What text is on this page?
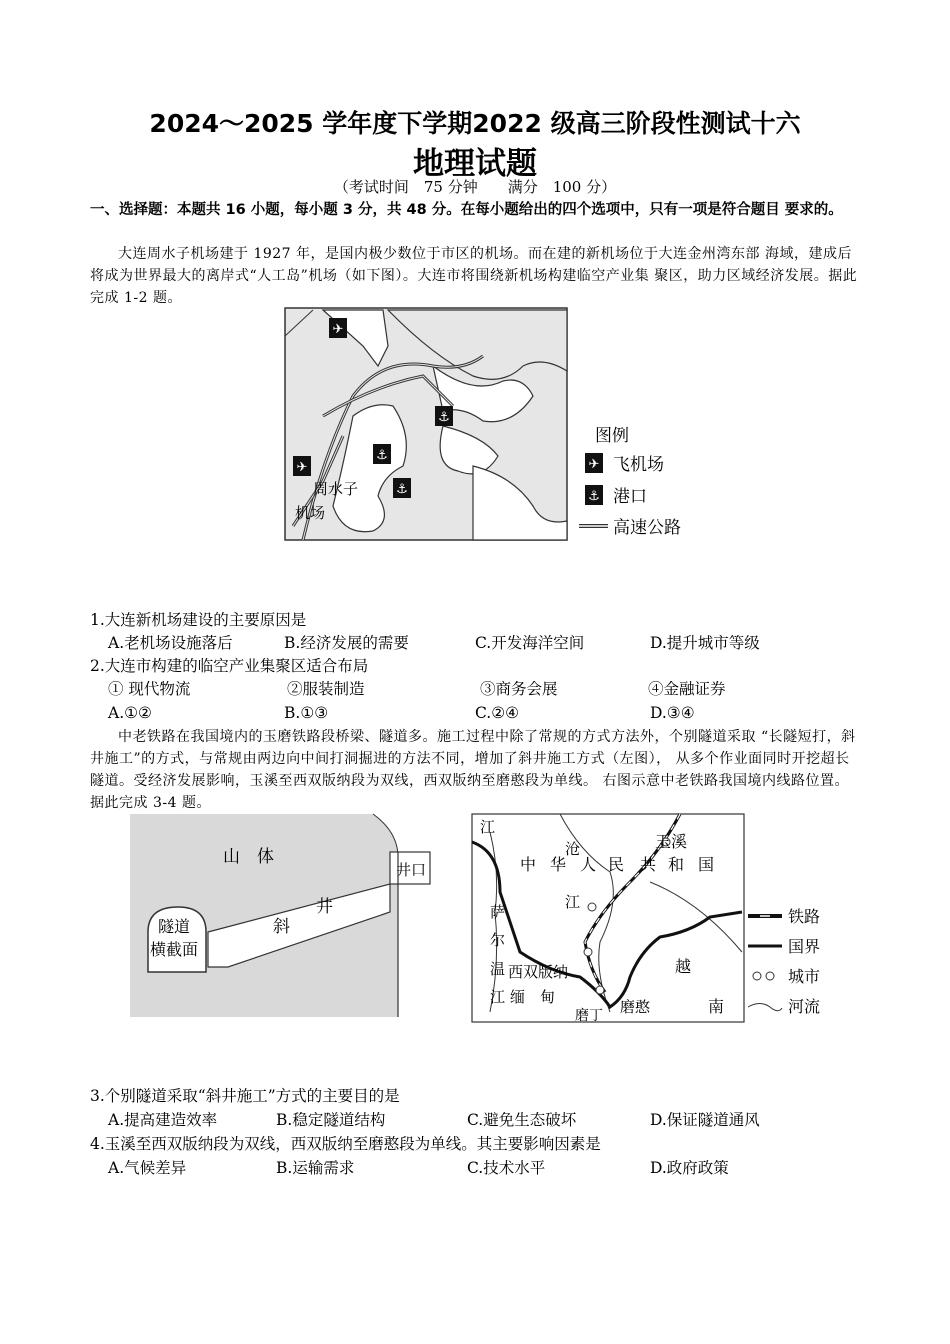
2024～2025 学年度下学期2022 级高三阶段性测试十六
地理试题
（考试时间　75 分钟　　满分　100 分）
一、选择题：本题共 16 小题，每小题 3 分，共 48 分。在每小题给出的四个选项中，只有一项是符合题目 要求的。
大连周水子机场建于 1927 年，是国内极少数位于市区的机场。而在建的新机场位于大连金州湾东部 海域，建成后将成为世界最大的离岸式“人工岛”机场（如下图）。大连市将围绕新机场构建临空产业集 聚区，助力区域经济发展。据此完成 1-2 题。
✈
✈
⚓
⚓
⚓
周水子
机场
图例
✈ 飞机场
⚓ 港口
高速公路
1.大连新机场建设的主要原因是
A.老机场设施落后	B.经济发展的需要	C.开发海洋空间	D.提升城市等级
2.大连市构建的临空产业集聚区适合布局
① 现代物流	②服装制造	③商务会展	④金融证券
A.①②	B.①③	C.②④	D.③④
中老铁路在我国境内的玉磨铁路段桥梁、隧道多。施工过程中除了常规的方式方法外，个别隧道采取 “长隧短打，斜井施工”的方式，与常规由两边向中间打洞掘进的方法不同，增加了斜井施工方式（左图）， 从多个作业面同时开挖超长隧道。受经济发展影响，玉溪至西双版纳段为双线，西双版纳至磨憨段为单线。 右图示意中老铁路我国境内线路位置。据此完成 3-4 题。
山　体
隧道
横截面
斜
井
井口
江
中 华 人 民 共 和 国
玉溪
沧
江
萨
尔
温
江 缅　甸
西双版纳
磨憨
磨丁
越
南
铁路
国界
城市
河流
3.个别隧道采取“斜井施工”方式的主要目的是
A.提高建造效率	B.稳定隧道结构	C.避免生态破坏	D.保证隧道通风
4.玉溪至西双版纳段为双线，西双版纳至磨憨段为单线。其主要影响因素是
A.气候差异	B.运输需求	C.技术水平	D.政府政策
